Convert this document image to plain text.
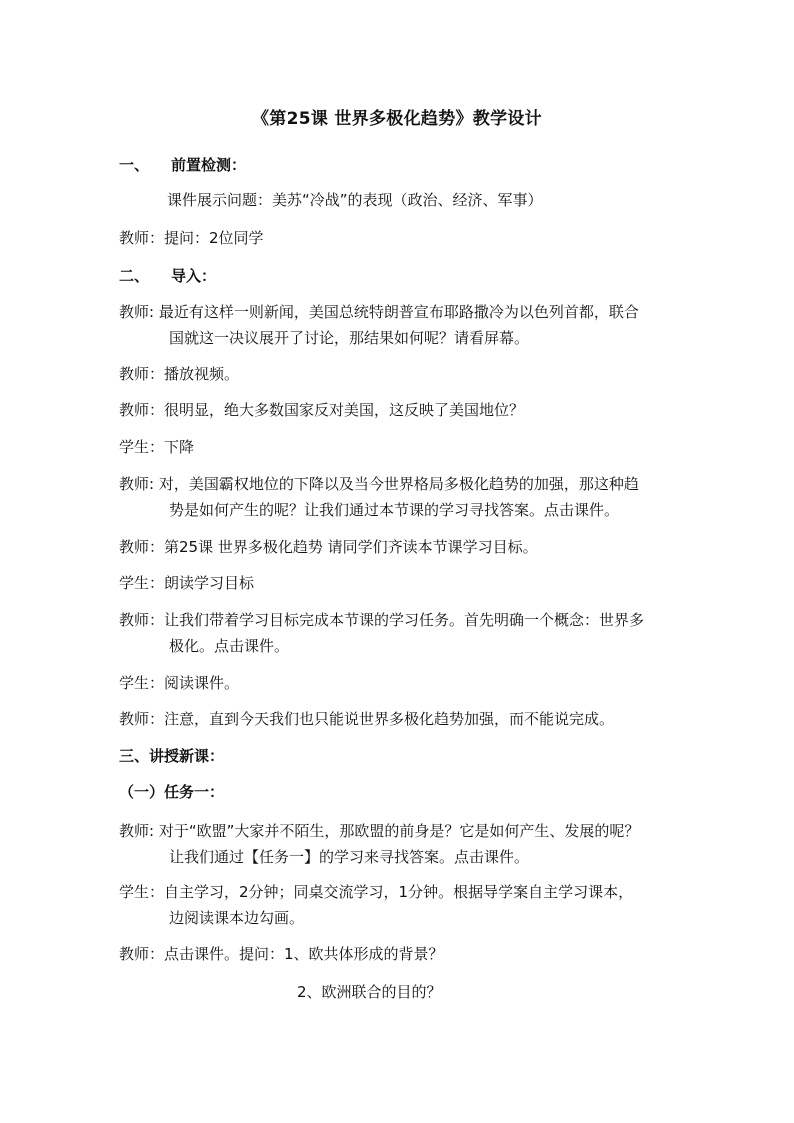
《第25课 世界多极化趋势》教学设计
一、 前置检测：
课件展示问题：美苏“冷战”的表现（政治、经济、军事）
教师：提问：2位同学
二、 导入：
教师: 最近有这样一则新闻，美国总统特朗普宣布耶路撒冷为以色列首都，联合
国就这一决议展开了讨论，那结果如何呢？请看屏幕。
教师：播放视频。
教师：很明显，绝大多数国家反对美国，这反映了美国地位？
学生：下降
教师: 对，美国霸权地位的下降以及当今世界格局多极化趋势的加强，那这种趋
势是如何产生的呢？让我们通过本节课的学习寻找答案。点击课件。
教师：第25课 世界多极化趋势 请同学们齐读本节课学习目标。
学生：朗读学习目标
教师：让我们带着学习目标完成本节课的学习任务。首先明确一个概念：世界多
极化。点击课件。
学生：阅读课件。
教师：注意，直到今天我们也只能说世界多极化趋势加强，而不能说完成。
三、讲授新课：
（一）任务一：
教师: 对于“欧盟”大家并不陌生，那欧盟的前身是？它是如何产生、发展的呢？
让我们通过【任务一】的学习来寻找答案。点击课件。
学生：自主学习，2分钟；同桌交流学习，1分钟。根据导学案自主学习课本，
边阅读课本边勾画。
教师：点击课件。提问：1、欧共体形成的背景？
2、欧洲联合的目的？
